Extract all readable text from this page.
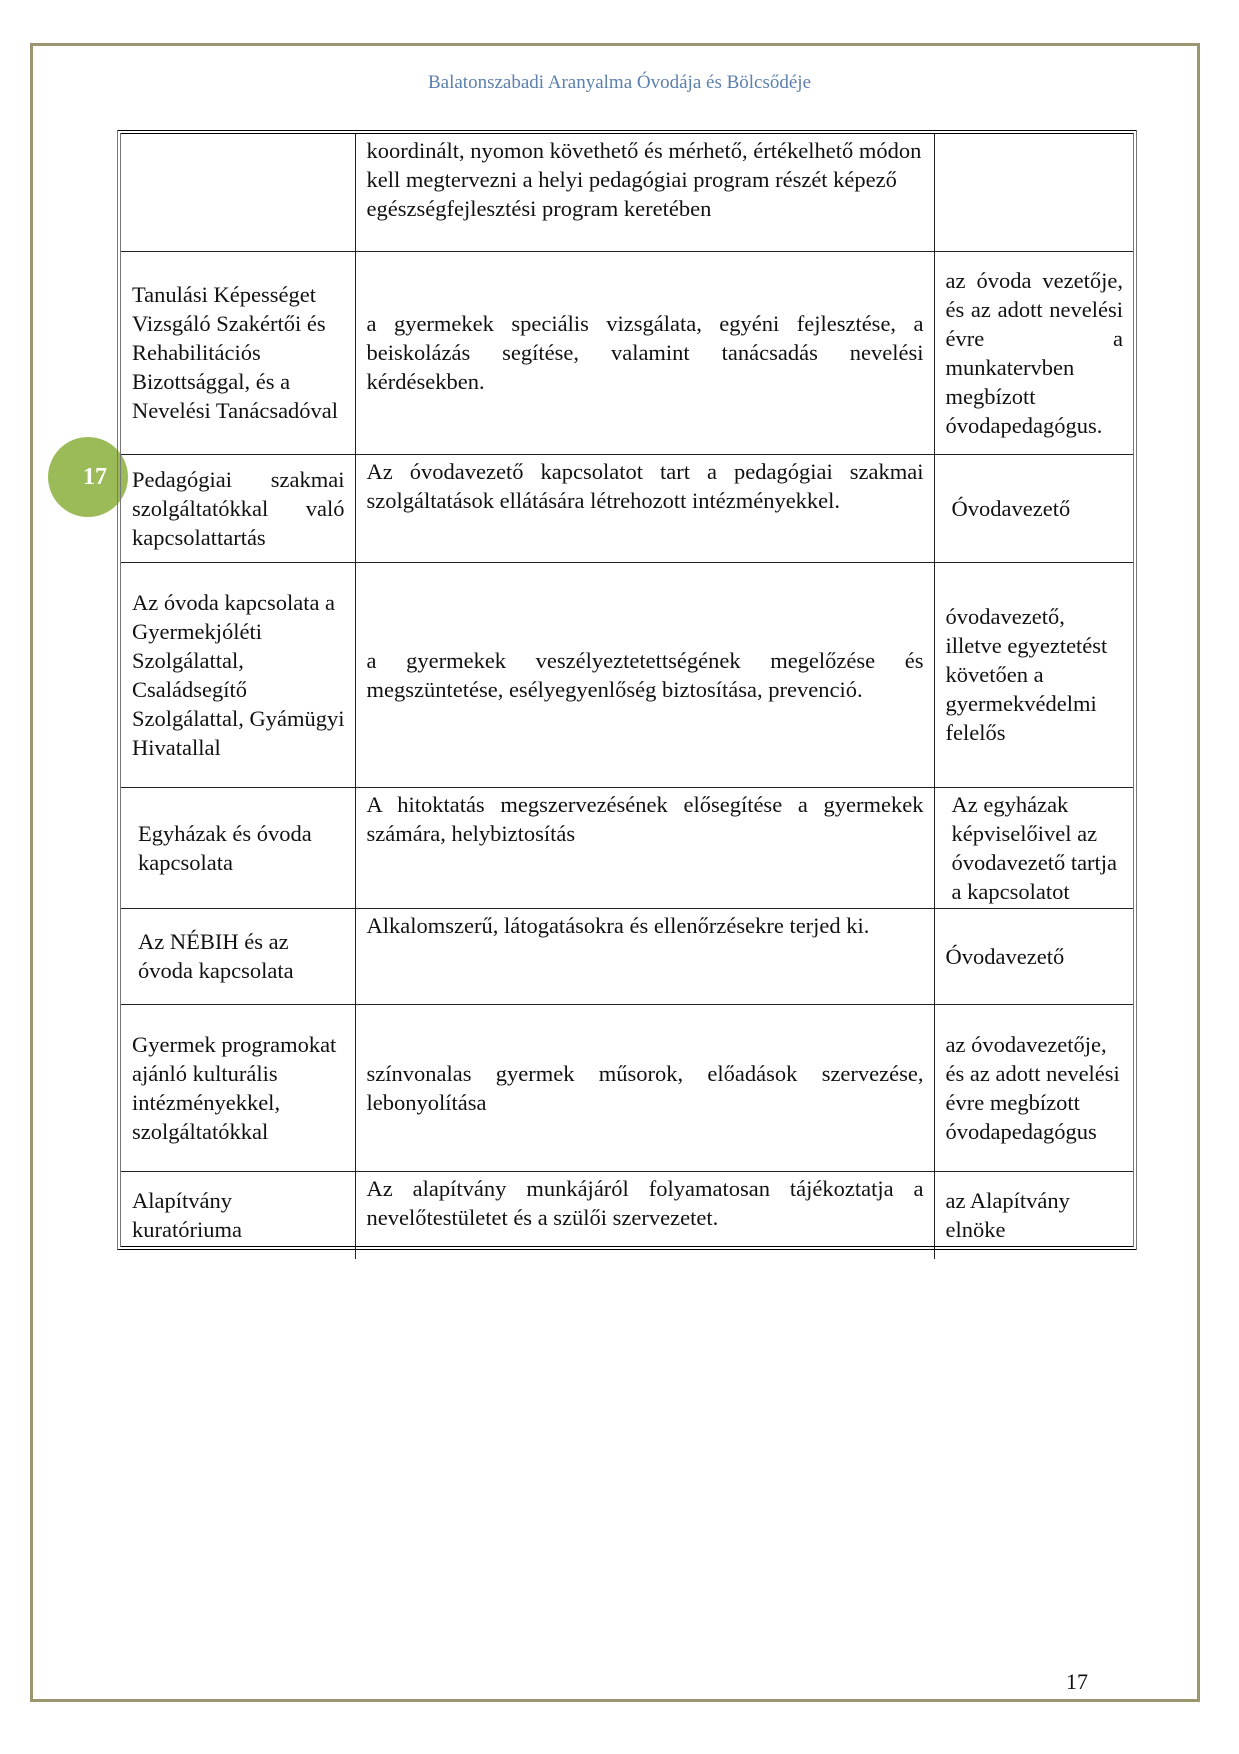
Balatonszabadi Aranyalma Óvodája és Bölcsődéje
17
	koordinált, nyomon követhető és mérhető, értékelhető módon kell megtervezni a helyi pedagógiai program részét képező egészségfejlesztési program keretében	
Tanulási Képességet Vizsgáló Szakértői és Rehabilitációs Bizottsággal, és a Nevelési Tanácsadóval	a gyermekek speciális vizsgálata, egyéni fejlesztése, a beiskolázás segítése, valamint tanácsadás nevelési kérdésekben.	az óvoda vezetője, és az adott nevelési évre a munkatervben megbízott óvodapedagógus.
Pedagógiai szakmai szolgáltatókkal való kapcsolattartás	Az óvodavezető kapcsolatot tart a pedagógiai szakmai szolgáltatások ellátására létrehozott intézményekkel.	Óvodavezető
Az óvoda kapcsolata a Gyermekjóléti Szolgálattal, Családsegítő Szolgálattal, Gyámügyi Hivatallal	a gyermekek veszélyeztetettségének megelőzése és megszüntetése, esélyegyenlőség biztosítása, prevenció.	óvodavezető, illetve egyeztetést követően a gyermekvédelmi felelős
Egyházak és óvoda kapcsolata	A hitoktatás megszervezésének elősegítése a gyermekek számára, helybiztosítás	Az egyházak képviselőivel az óvodavezető tartja a kapcsolatot
Az NÉBIH és az óvoda kapcsolata	Alkalomszerű, látogatásokra és ellenőrzésekre terjed ki.	Óvodavezető
Gyermek programokat ajánló kulturális intézményekkel, szolgáltatókkal	színvonalas gyermek műsorok, előadások szervezése, lebonyolítása	az óvodavezetője, és az adott nevelési évre megbízott óvodapedagógus
Alapítvány kuratóriuma	Az alapítvány munkájáról folyamatosan tájékoztatja a nevelőtestületet és a szülői szervezetet.	az Alapítvány elnöke
17
